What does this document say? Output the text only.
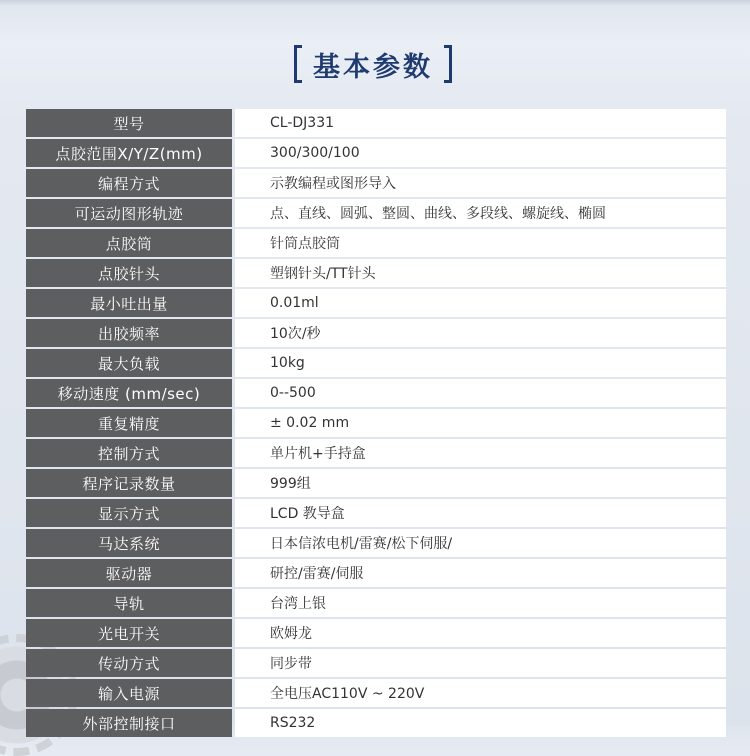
基本参数
型号	CL-DJ331
点胶范围X/Y/Z(mm)	300/300/100
编程方式	示教编程或图形导入
可运动图形轨迹	点、直线、圆弧、整圆、曲线、多段线、螺旋线、椭圆
点胶筒	针筒点胶筒
点胶针头	塑钢针头/TT针头
最小吐出量	0.01ml
出胶频率	10次/秒
最大负载	10kg
移动速度 (mm/sec)	0--500
重复精度	± 0.02 mm
控制方式	单片机+手持盒
程序记录数量	999组
显示方式	LCD 教导盒
马达系统	日本信浓电机/雷赛/松下伺服/
驱动器	研控/雷赛/伺服
导轨	台湾上银
光电开关	欧姆龙
传动方式	同步带
输入电源	全电压AC110V ~ 220V
外部控制接口	RS232
